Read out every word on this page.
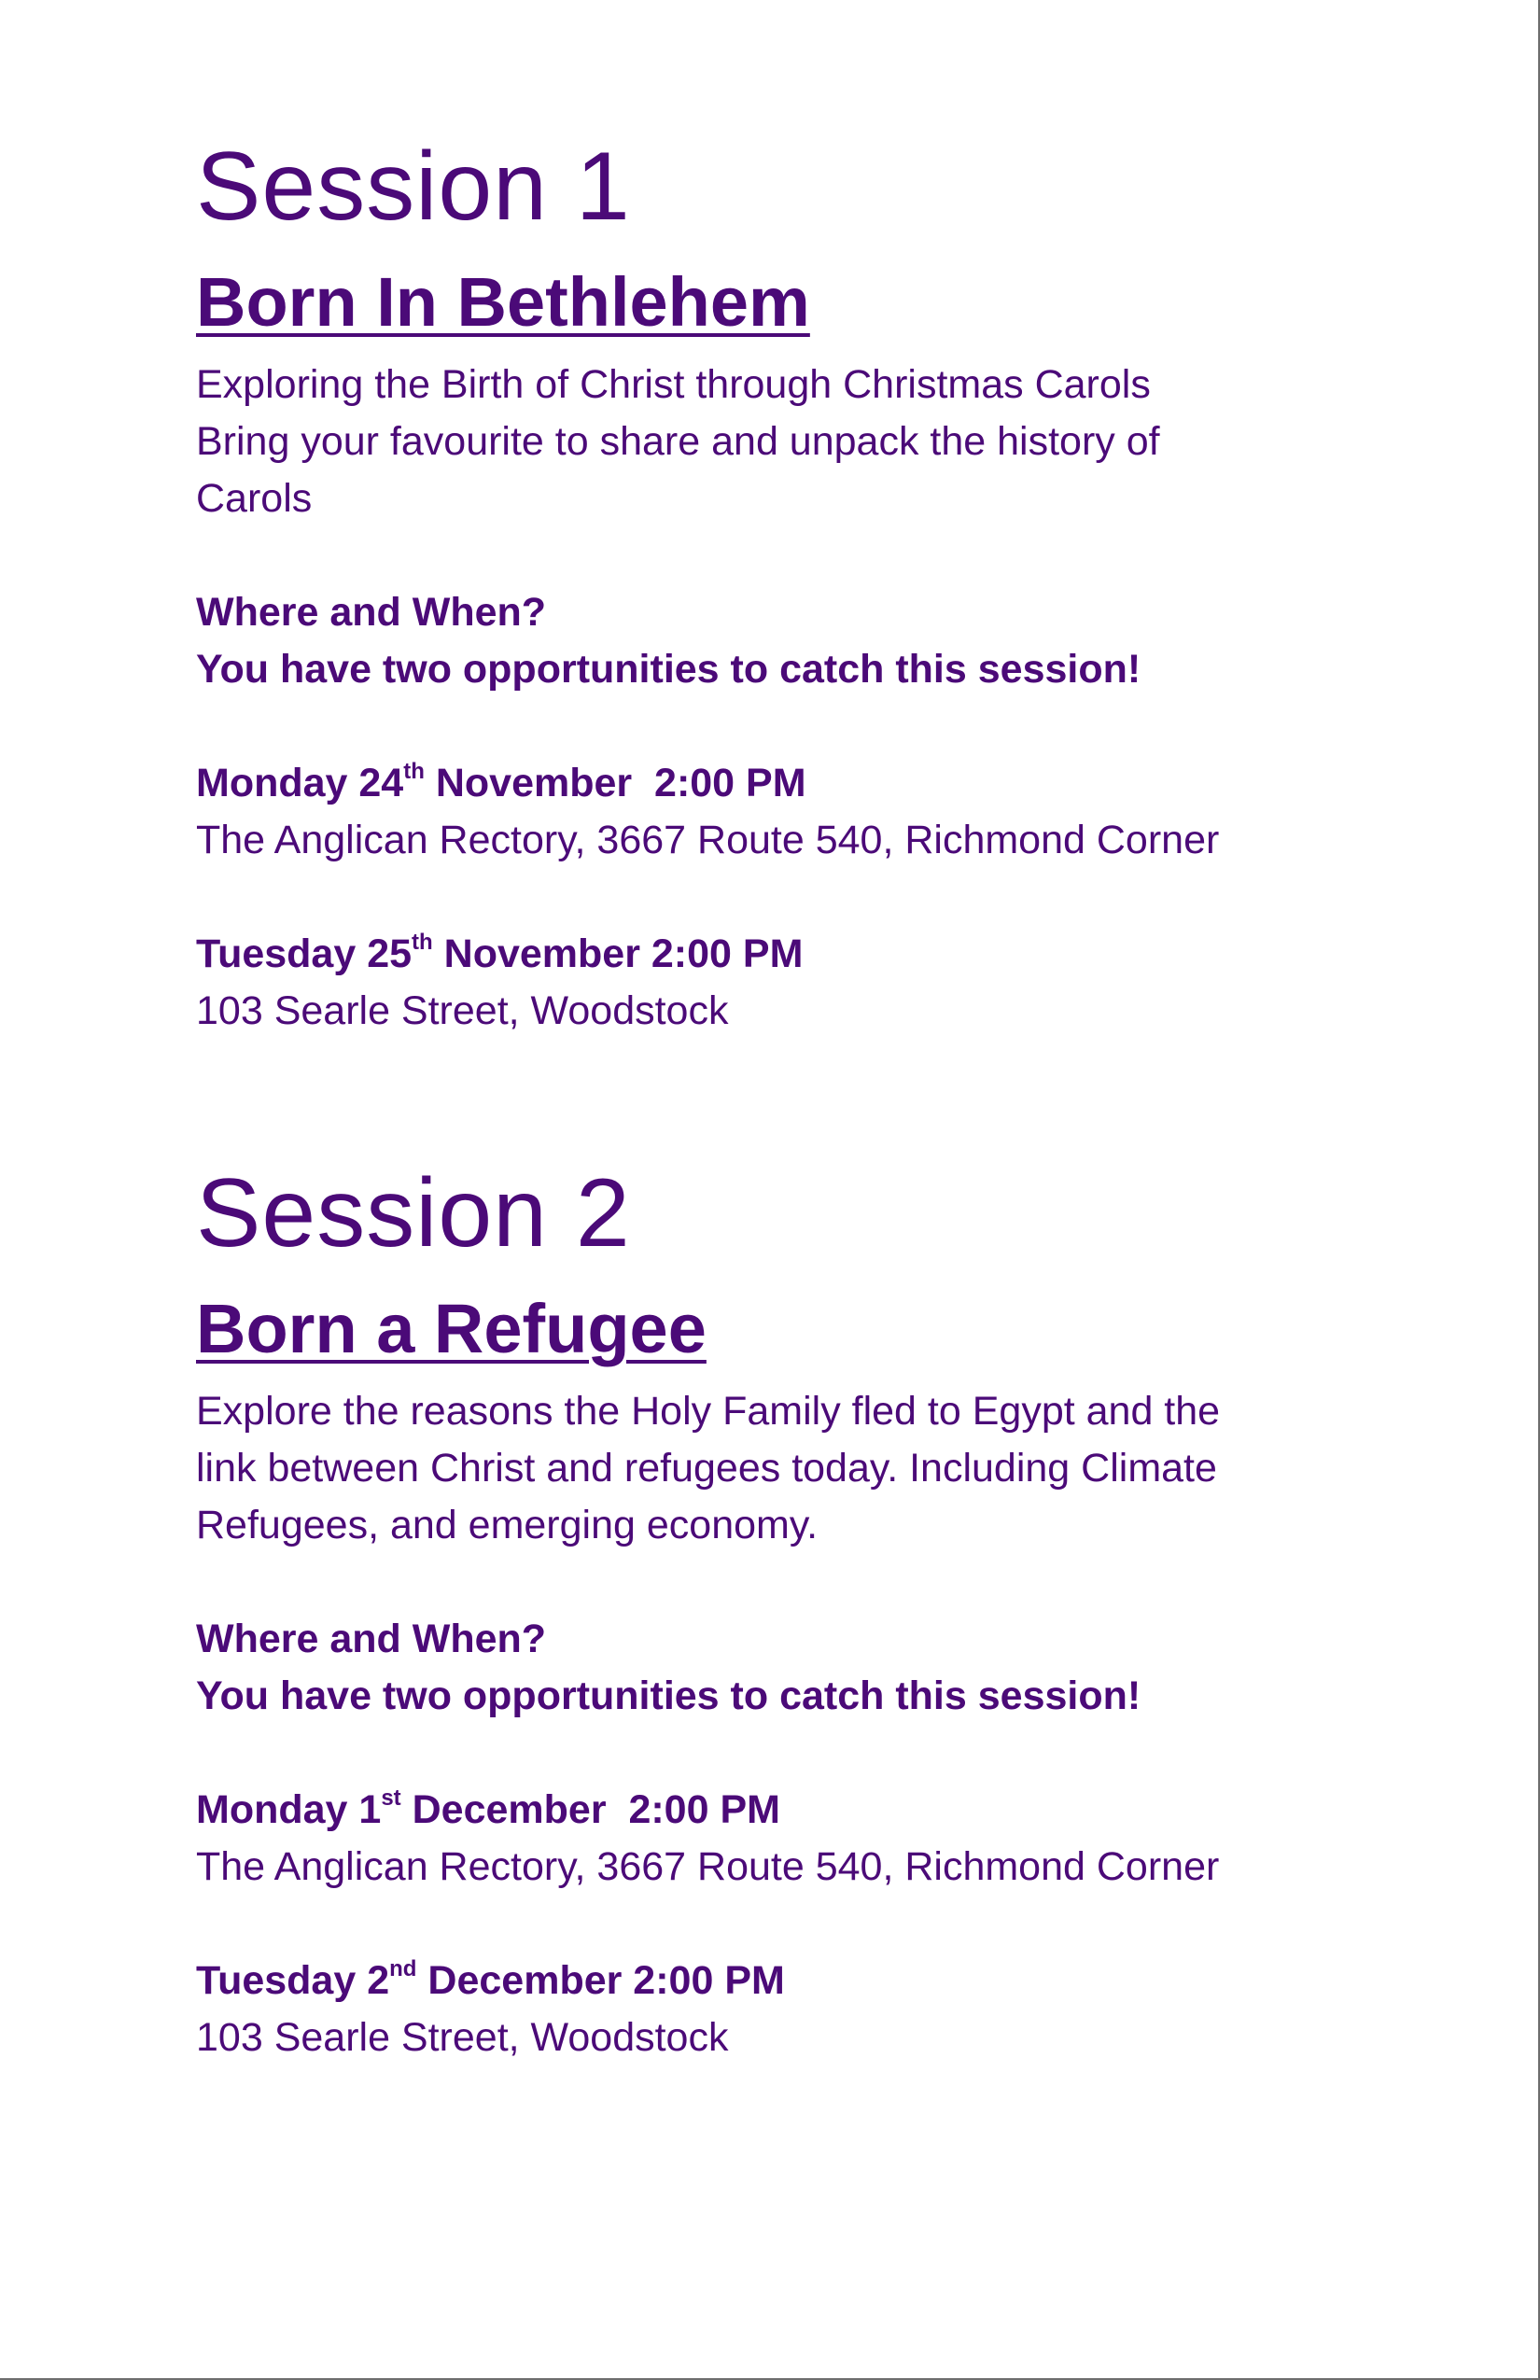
Session 1
Born In Bethlehem

Exploring the Birth of Christ through Christmas Carols

Bring your favourite to share and unpack the history of

Carols

Where and When?

You have two opportunities to catch this session!

Monday 24th November  2:00 PM

The Anglican Rectory, 3667 Route 540, Richmond Corner

Tuesday 25th November 2:00 PM

103 Searle Street, Woodstock

Session 2
Born a Refugee

Explore the reasons the Holy Family fled to Egypt and the

link between Christ and refugees today. Including Climate

Refugees, and emerging economy.

Where and When?

You have two opportunities to catch this session!

Monday 1st December  2:00 PM

The Anglican Rectory, 3667 Route 540, Richmond Corner

Tuesday 2nd December 2:00 PM

103 Searle Street, Woodstock
